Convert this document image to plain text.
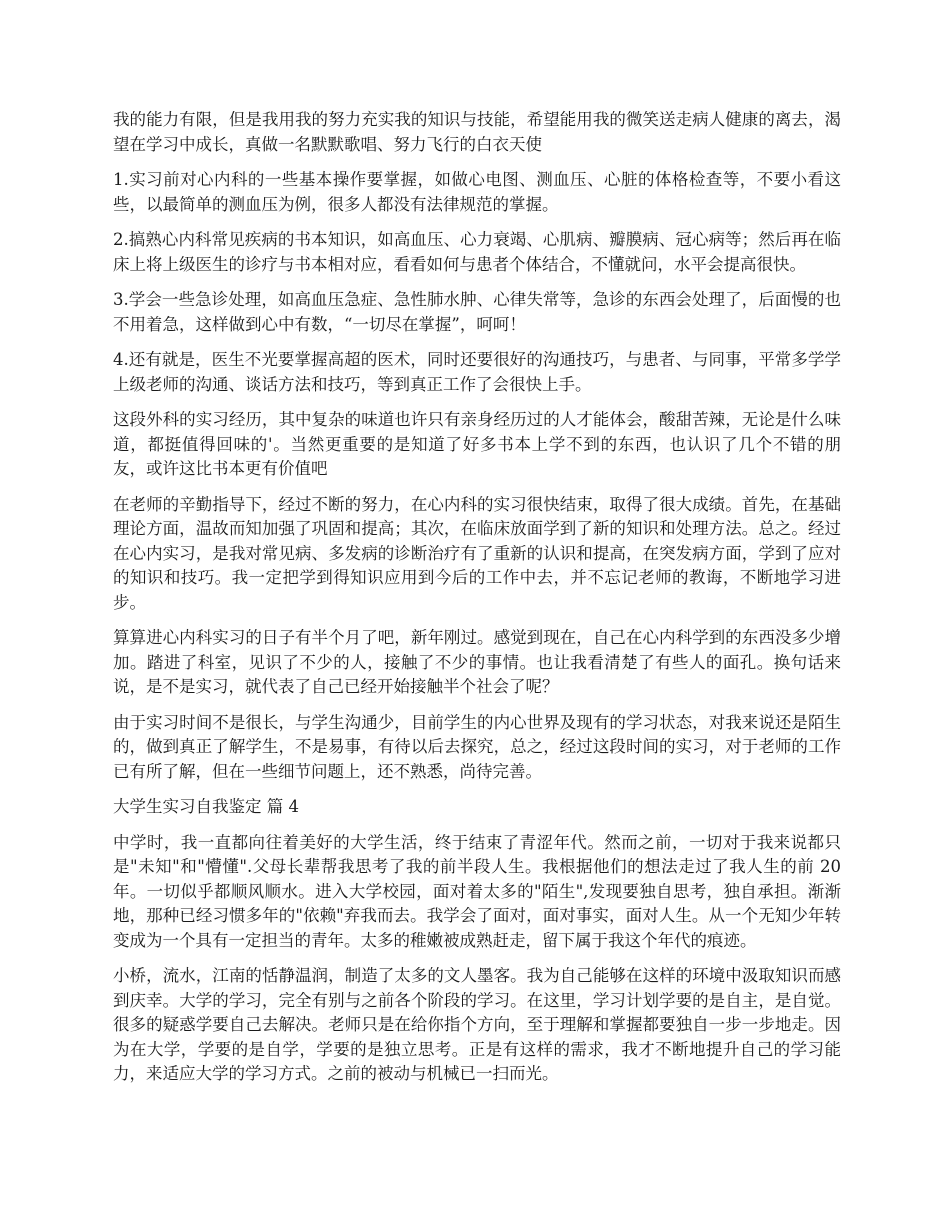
我的能力有限，但是我用我的努力充实我的知识与技能，希望能用我的微笑送走病人健康的离去，渴望在学习中成长，真做一名默默歌唱、努力飞行的白衣天使

1.实习前对心内科的一些基本操作要掌握，如做心电图、测血压、心脏的体格检查等，不要小看这些，以最简单的测血压为例，很多人都没有法律规范的掌握。

2.搞熟心内科常见疾病的书本知识，如高血压、心力衰竭、心肌病、瓣膜病、冠心病等；然后再在临床上将上级医生的诊疗与书本相对应，看看如何与患者个体结合，不懂就问，水平会提高很快。

3.学会一些急诊处理，如高血压急症、急性肺水肿、心律失常等，急诊的东西会处理了，后面慢的也不用着急，这样做到心中有数，“一切尽在掌握”，呵呵！

4.还有就是，医生不光要掌握高超的医术，同时还要很好的沟通技巧，与患者、与同事，平常多学学上级老师的沟通、谈话方法和技巧，等到真正工作了会很快上手。

这段外科的实习经历，其中复杂的味道也许只有亲身经历过的人才能体会，酸甜苦辣，无论是什么味道，都挺值得回味的'。当然更重要的是知道了好多书本上学不到的东西，也认识了几个不错的朋友，或许这比书本更有价值吧

在老师的辛勤指导下，经过不断的努力，在心内科的实习很快结束，取得了很大成绩。首先，在基础理论方面，温故而知加强了巩固和提高；其次，在临床放面学到了新的知识和处理方法。总之。经过在心内实习，是我对常见病、多发病的诊断治疗有了重新的认识和提高，在突发病方面，学到了应对的知识和技巧。我一定把学到得知识应用到今后的工作中去，并不忘记老师的教诲，不断地学习进步。

算算进心内科实习的日子有半个月了吧，新年刚过。感觉到现在，自己在心内科学到的东西没多少增加。踏进了科室，见识了不少的人，接触了不少的事情。也让我看清楚了有些人的面孔。换句话来说，是不是实习，就代表了自己已经开始接触半个社会了呢？

由于实习时间不是很长，与学生沟通少，目前学生的内心世界及现有的学习状态，对我来说还是陌生的，做到真正了解学生，不是易事，有待以后去探究，总之，经过这段时间的实习，对于老师的工作已有所了解，但在一些细节问题上，还不熟悉，尚待完善。

大学生实习自我鉴定 篇 4

中学时，我一直都向往着美好的大学生活，终于结束了青涩年代。然而之前，一切对于我来说都只是"未知"和"懵懂".父母长辈帮我思考了我的前半段人生。我根据他们的想法走过了我人生的前 20 年。一切似乎都顺风顺水。进入大学校园，面对着太多的"陌生",发现要独自思考，独自承担。渐渐地，那种已经习惯多年的"依赖"弃我而去。我学会了面对，面对事实，面对人生。从一个无知少年转变成为一个具有一定担当的青年。太多的稚嫩被成熟赶走，留下属于我这个年代的痕迹。

小桥，流水，江南的恬静温润，制造了太多的文人墨客。我为自己能够在这样的环境中汲取知识而感到庆幸。大学的学习，完全有别与之前各个阶段的学习。在这里，学习计划学要的是自主，是自觉。很多的疑惑学要自己去解决。老师只是在给你指个方向，至于理解和掌握都要独自一步一步地走。因为在大学，学要的是自学，学要的是独立思考。正是有这样的需求，我才不断地提升自己的学习能力，来适应大学的学习方式。之前的被动与机械已一扫而光。
